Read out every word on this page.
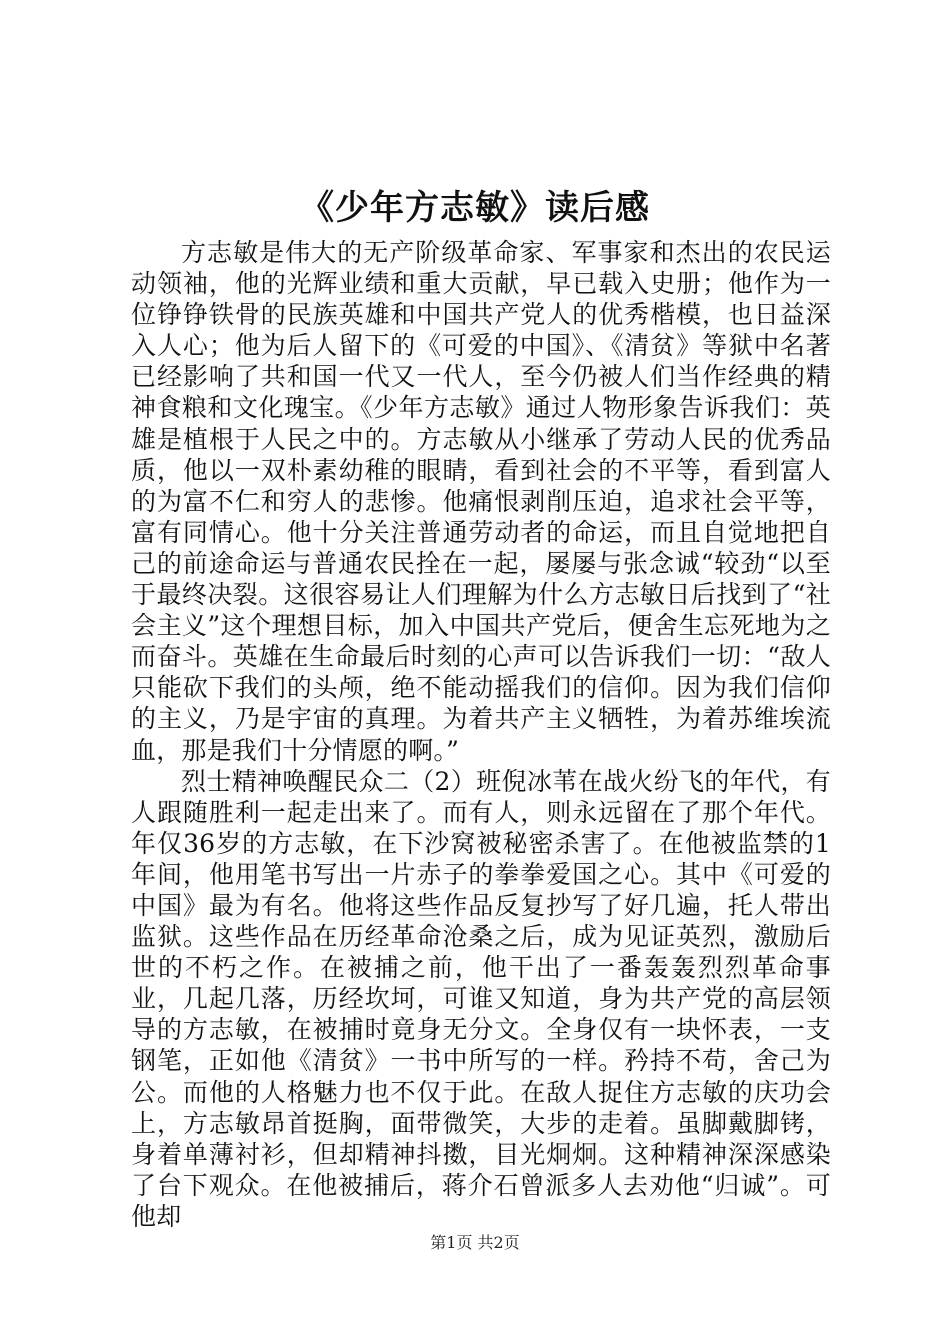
《少年方志敏》读后感

方志敏是伟大的无产阶级革命家、军事家和杰出的农民运动领袖，他的光辉业绩和重大贡献，早已载入史册；他作为一位铮铮铁骨的民族英雄和中国共产党人的优秀楷模，也日益深入人心；他为后人留下的《可爱的中国》、《清贫》等狱中名著已经影响了共和国一代又一代人，至今仍被人们当作经典的精神食粮和文化瑰宝。《少年方志敏》通过人物形象告诉我们：英雄是植根于人民之中的。方志敏从小继承了劳动人民的优秀品质，他以一双朴素幼稚的眼睛，看到社会的不平等，看到富人的为富不仁和穷人的悲惨。他痛恨剥削压迫，追求社会平等，富有同情心。他十分关注普通劳动者的命运，而且自觉地把自己的前途命运与普通农民拴在一起，屡屡与张念诚“较劲“以至于最终决裂。这很容易让人们理解为什么方志敏日后找到了“社会主义”这个理想目标，加入中国共产党后，便舍生忘死地为之而奋斗。英雄在生命最后时刻的心声可以告诉我们一切：“敌人只能砍下我们的头颅，绝不能动摇我们的信仰。因为我们信仰的主义，乃是宇宙的真理。为着共产主义牺牲，为着苏维埃流血，那是我们十分情愿的啊。”

烈士精神唤醒民众二（2）班倪冰苇在战火纷飞的年代，有人跟随胜利一起走出来了。而有人，则永远留在了那个年代。年仅36岁的方志敏，在下沙窝被秘密杀害了。在他被监禁的1年间，他用笔书写出一片赤子的拳拳爱国之心。其中《可爱的中国》最为有名。他将这些作品反复抄写了好几遍，托人带出监狱。这些作品在历经革命沧桑之后，成为见证英烈，激励后世的不朽之作。在被捕之前，他干出了一番轰轰烈烈革命事业，几起几落，历经坎坷，可谁又知道，身为共产党的高层领导的方志敏，在被捕时竟身无分文。全身仅有一块怀表，一支钢笔，正如他《清贫》一书中所写的一样。矜持不苟，舍己为公。而他的人格魅力也不仅于此。在敌人捉住方志敏的庆功会上，方志敏昂首挺胸，面带微笑，大步的走着。虽脚戴脚铐，身着单薄衬衫，但却精神抖擞，目光炯炯。这种精神深深感染了台下观众。在他被捕后，蒋介石曾派多人去劝他“归诚”。可他却

第1页 共2页
